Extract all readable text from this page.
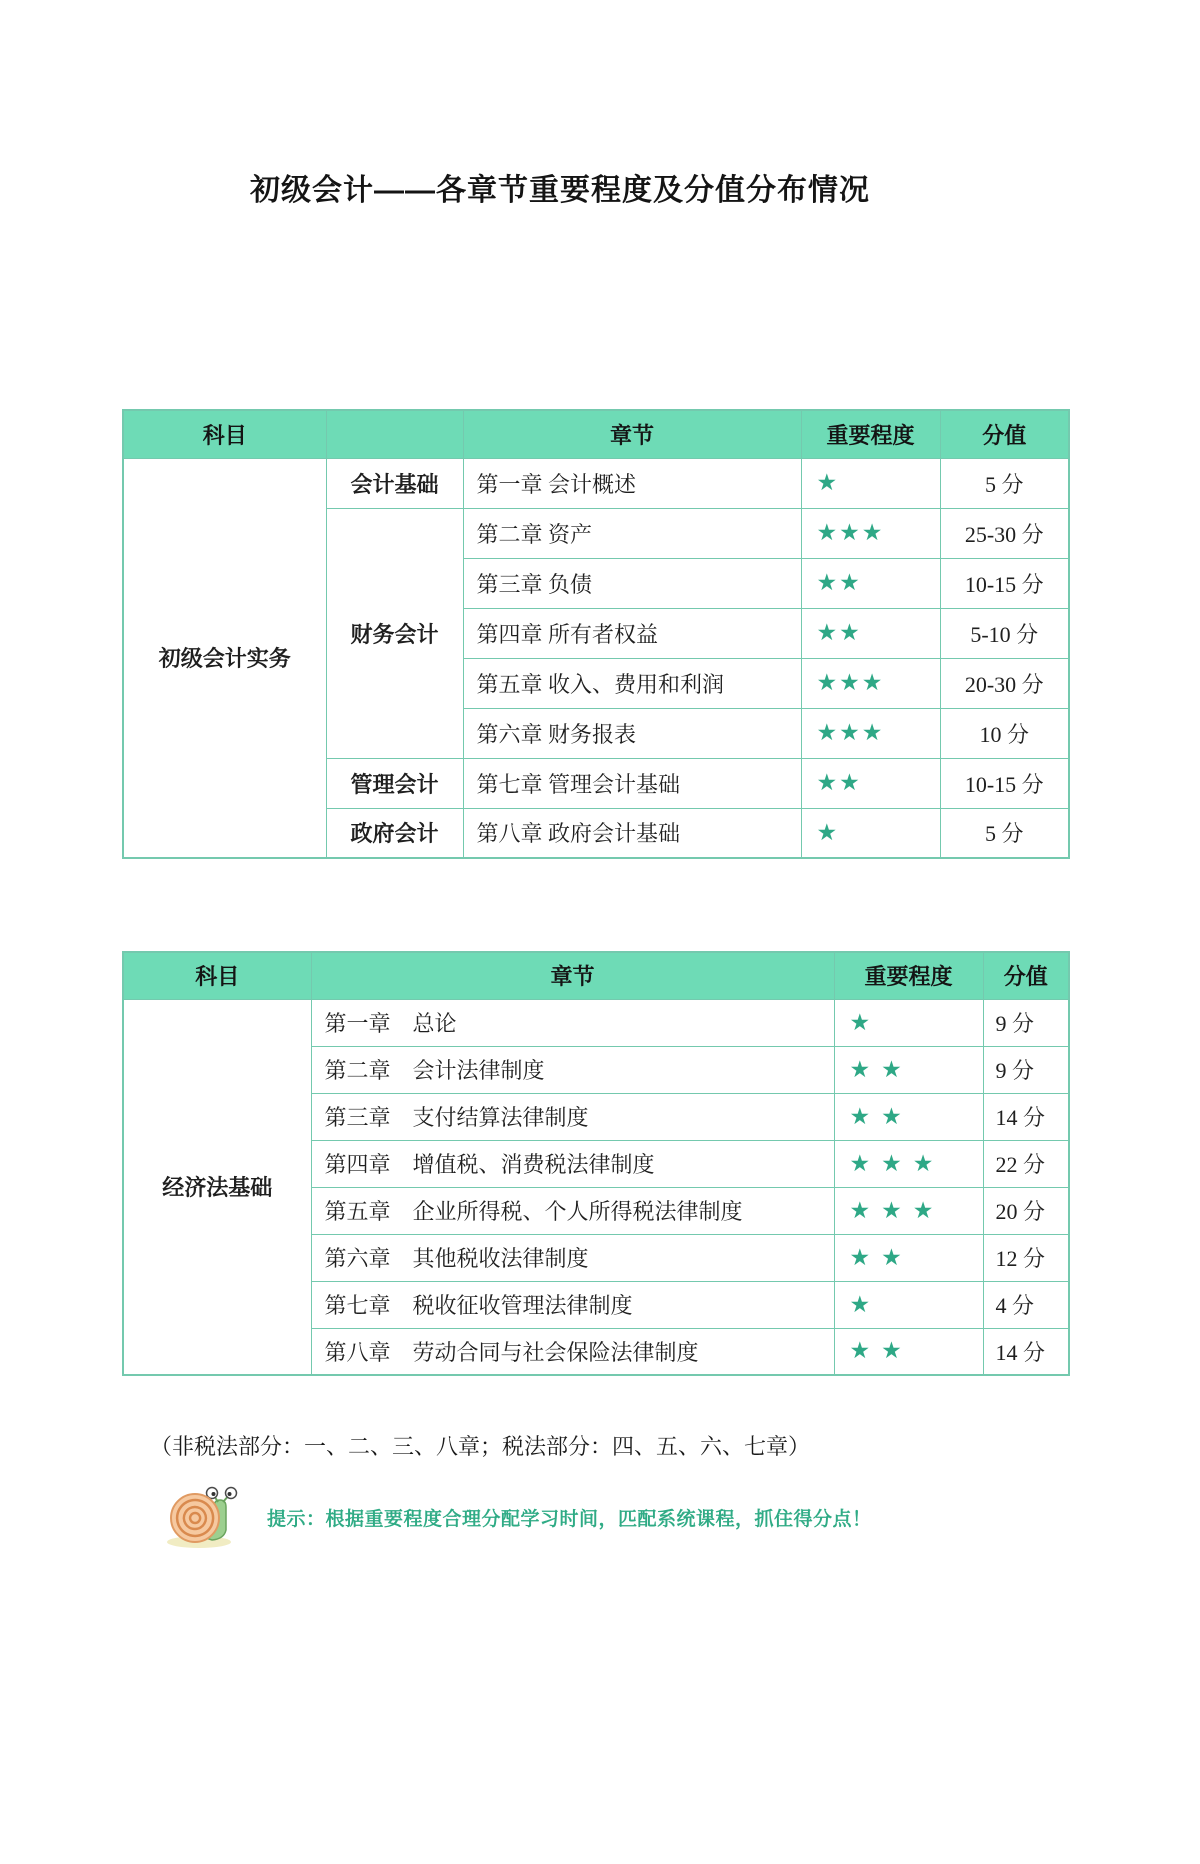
初级会计——各章节重要程度及分值分布情况
科目		章节	重要程度	分值
初级会计实务	会计基础	第一章 会计概述	★	5 分
	财务会计	第二章 资产	★★★	25-30 分
		第三章 负债	★★	10-15 分
		第四章 所有者权益	★★	5-10 分
		第五章 收入、费用和利润	★★★	20-30 分
		第六章 财务报表	★★★	10 分
	管理会计	第七章 管理会计基础	★★	10-15 分
	政府会计	第八章 政府会计基础	★	5 分
科目	章节	重要程度	分值
经济法基础	第一章　总论	★	9 分
	第二章　会计法律制度	★★	9 分
	第三章　支付结算法律制度	★★	14 分
	第四章　增值税、消费税法律制度	★★★	22 分
	第五章　企业所得税、个人所得税法律制度	★★★	20 分
	第六章　其他税收法律制度	★★	12 分
	第七章　税收征收管理法律制度	★	4 分
	第八章　劳动合同与社会保险法律制度	★★	14 分

（非税法部分：一、二、三、八章；税法部分：四、五、六、七章）

提示：根据重要程度合理分配学习时间，匹配系统课程，抓住得分点！
